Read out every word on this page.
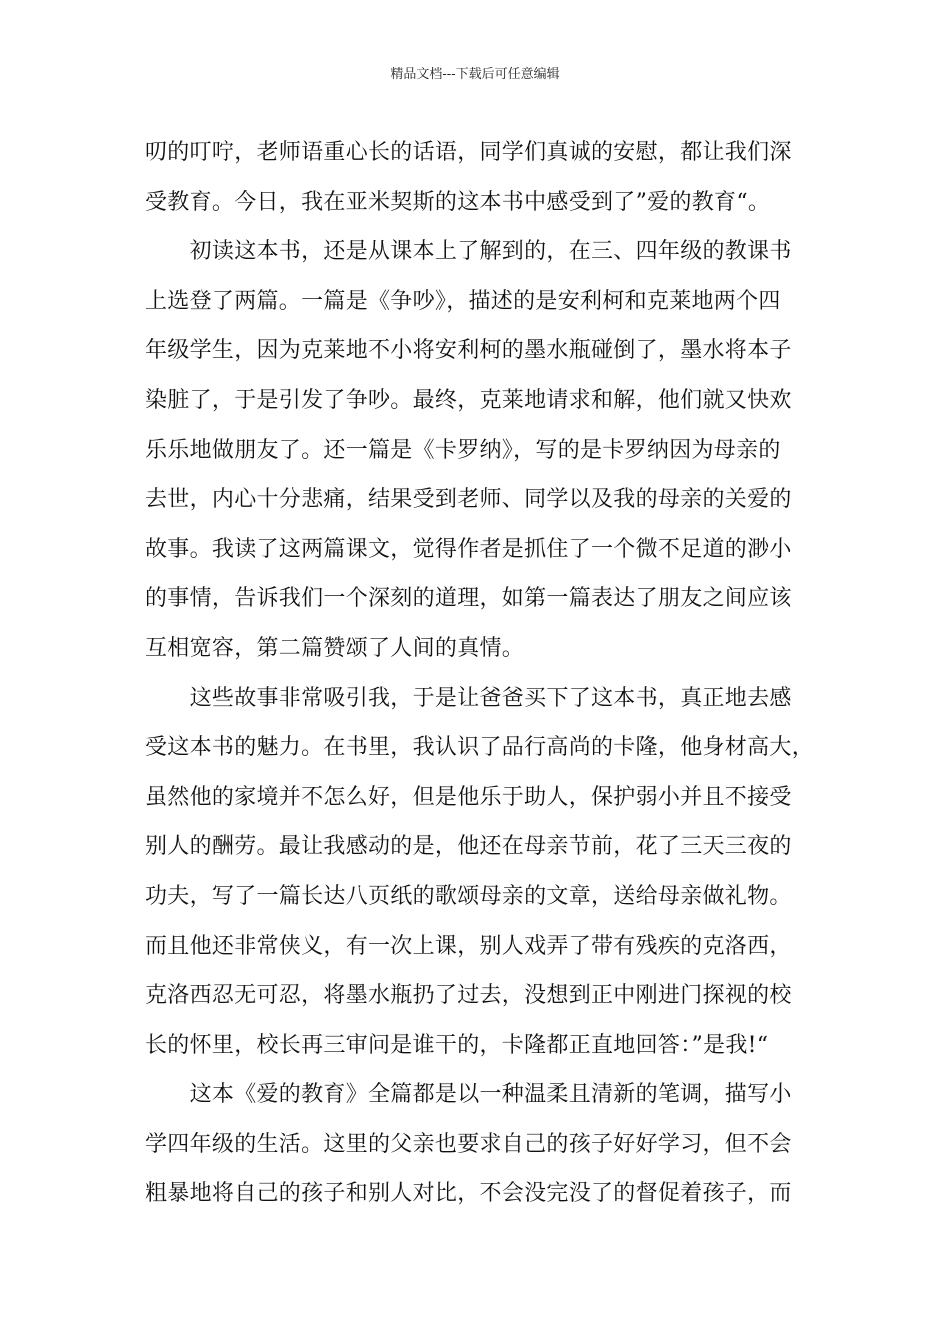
精品文档---下载后可任意编辑
叨的叮咛，老师语重心长的话语，同学们真诚的安慰，都让我们深
受教育。今日，我在亚米契斯的这本书中感受到了”爱的教育“。
　　初读这本书，还是从课本上了解到的，在三、四年级的教课书
上选登了两篇。一篇是《争吵》，描述的是安利柯和克莱地两个四
年级学生，因为克莱地不小将安利柯的墨水瓶碰倒了，墨水将本子
染脏了，于是引发了争吵。最终，克莱地请求和解，他们就又快欢
乐乐地做朋友了。还一篇是《卡罗纳》，写的是卡罗纳因为母亲的
去世，内心十分悲痛，结果受到老师、同学以及我的母亲的关爱的
故事。我读了这两篇课文，觉得作者是抓住了一个微不足道的渺小
的事情，告诉我们一个深刻的道理，如第一篇表达了朋友之间应该
互相宽容，第二篇赞颂了人间的真情。
　　这些故事非常吸引我，于是让爸爸买下了这本书，真正地去感
受这本书的魅力。在书里，我认识了品行高尚的卡隆，他身材高大，
虽然他的家境并不怎么好，但是他乐于助人，保护弱小并且不接受
别人的酬劳。最让我感动的是，他还在母亲节前，花了三天三夜的
功夫，写了一篇长达八页纸的歌颂母亲的文章，送给母亲做礼物。
而且他还非常侠义，有一次上课，别人戏弄了带有残疾的克洛西，
克洛西忍无可忍，将墨水瓶扔了过去，没想到正中刚进门探视的校
长的怀里，校长再三审问是谁干的，卡隆都正直地回答：”是我!“
　　这本《爱的教育》全篇都是以一种温柔且清新的笔调，描写小
学四年级的生活。这里的父亲也要求自己的孩子好好学习，但不会
粗暴地将自己的孩子和别人对比，不会没完没了的督促着孩子，而
